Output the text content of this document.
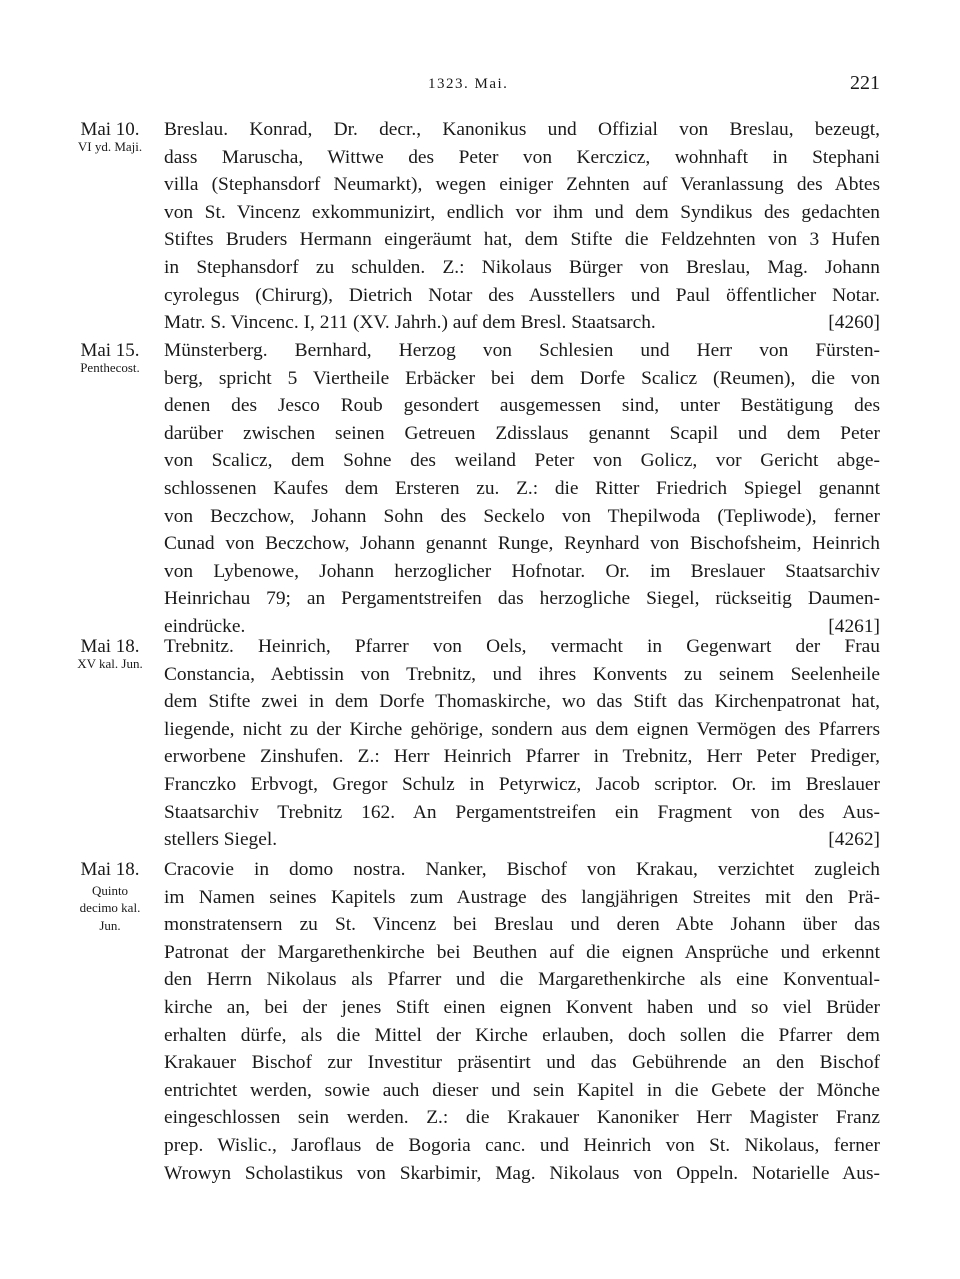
1323. Mai.	221
Mai 10.
VI yd. Maji.
Breslau. Konrad, Dr. decr., Kanonikus und Offizial von Breslau, bezeugt,
dass Maruscha, Wittwe des Peter von Kerczicz, wohnhaft in Stephani
villa (Stephansdorf Neumarkt), wegen einiger Zehnten auf Veranlassung des Abtes
von St. Vincenz exkommunizirt, endlich vor ihm und dem Syndikus des gedachten
Stiftes Bruders Hermann eingeräumt hat, dem Stifte die Feldzehnten von 3 Hufen
in Stephansdorf zu schulden. Z.: Nikolaus Bürger von Breslau, Mag. Johann
cyrolegus (Chirurg), Dietrich Notar des Ausstellers und Paul öffentlicher Notar.
Matr. S. Vincenc. I, 211 (XV. Jahrh.) auf dem Bresl. Staatsarch.	[4260]
Mai 15.
Penthecost.
Münsterberg. Bernhard, Herzog von Schlesien und Herr von Fürsten-
berg, spricht 5 Viertheile Erbäcker bei dem Dorfe Scalicz (Reumen), die von
denen des Jesco Roub gesondert ausgemessen sind, unter Bestätigung des
darüber zwischen seinen Getreuen Zdisslaus genannt Scapil und dem Peter
von Scalicz, dem Sohne des weiland Peter von Golicz, vor Gericht abge-
schlossenen Kaufes dem Ersteren zu. Z.: die Ritter Friedrich Spiegel genannt
von Beczchow, Johann Sohn des Seckelo von Thepilwoda (Tepliwode), ferner
Cunad von Beczchow, Johann genannt Runge, Reynhard von Bischofsheim, Heinrich
von Lybenowe, Johann herzoglicher Hofnotar. Or. im Breslauer Staatsarchiv
Heinrichau 79; an Pergamentstreifen das herzogliche Siegel, rückseitig Daumen-
eindrücke.	[4261]
Mai 18.
XV kal. Jun.
Trebnitz. Heinrich, Pfarrer von Oels, vermacht in Gegenwart der Frau
Constancia, Aebtissin von Trebnitz, und ihres Konvents zu seinem Seelenheile
dem Stifte zwei in dem Dorfe Thomaskirche, wo das Stift das Kirchenpatronat hat,
liegende, nicht zu der Kirche gehörige, sondern aus dem eignen Vermögen des Pfarrers
erworbene Zinshufen. Z.: Herr Heinrich Pfarrer in Trebnitz, Herr Peter Prediger,
Franczko Erbvogt, Gregor Schulz in Petyrwicz, Jacob scriptor. Or. im Breslauer
Staatsarchiv Trebnitz 162. An Pergamentstreifen ein Fragment von des Aus-
stellers Siegel.	[4262]
Mai 18.
Quinto
decimo kal.
Jun.
Cracovie in domo nostra. Nanker, Bischof von Krakau, verzichtet zugleich
im Namen seines Kapitels zum Austrage des langjährigen Streites mit den Prä-
monstratensern zu St. Vincenz bei Breslau und deren Abte Johann über das
Patronat der Margarethenkirche bei Beuthen auf die eignen Ansprüche und erkennt
den Herrn Nikolaus als Pfarrer und die Margarethenkirche als eine Konventual-
kirche an, bei der jenes Stift einen eignen Konvent haben und so viel Brüder
erhalten dürfe, als die Mittel der Kirche erlauben, doch sollen die Pfarrer dem
Krakauer Bischof zur Investitur präsentirt und das Gebührende an den Bischof
entrichtet werden, sowie auch dieser und sein Kapitel in die Gebete der Mönche
eingeschlossen sein werden. Z.: die Krakauer Kanoniker Herr Magister Franz
prep. Wislic., Jaroflaus de Bogoria canc. und Heinrich von St. Nikolaus, ferner
Wrowyn Scholastikus von Skarbimir, Mag. Nikolaus von Oppeln. Notarielle Aus-
